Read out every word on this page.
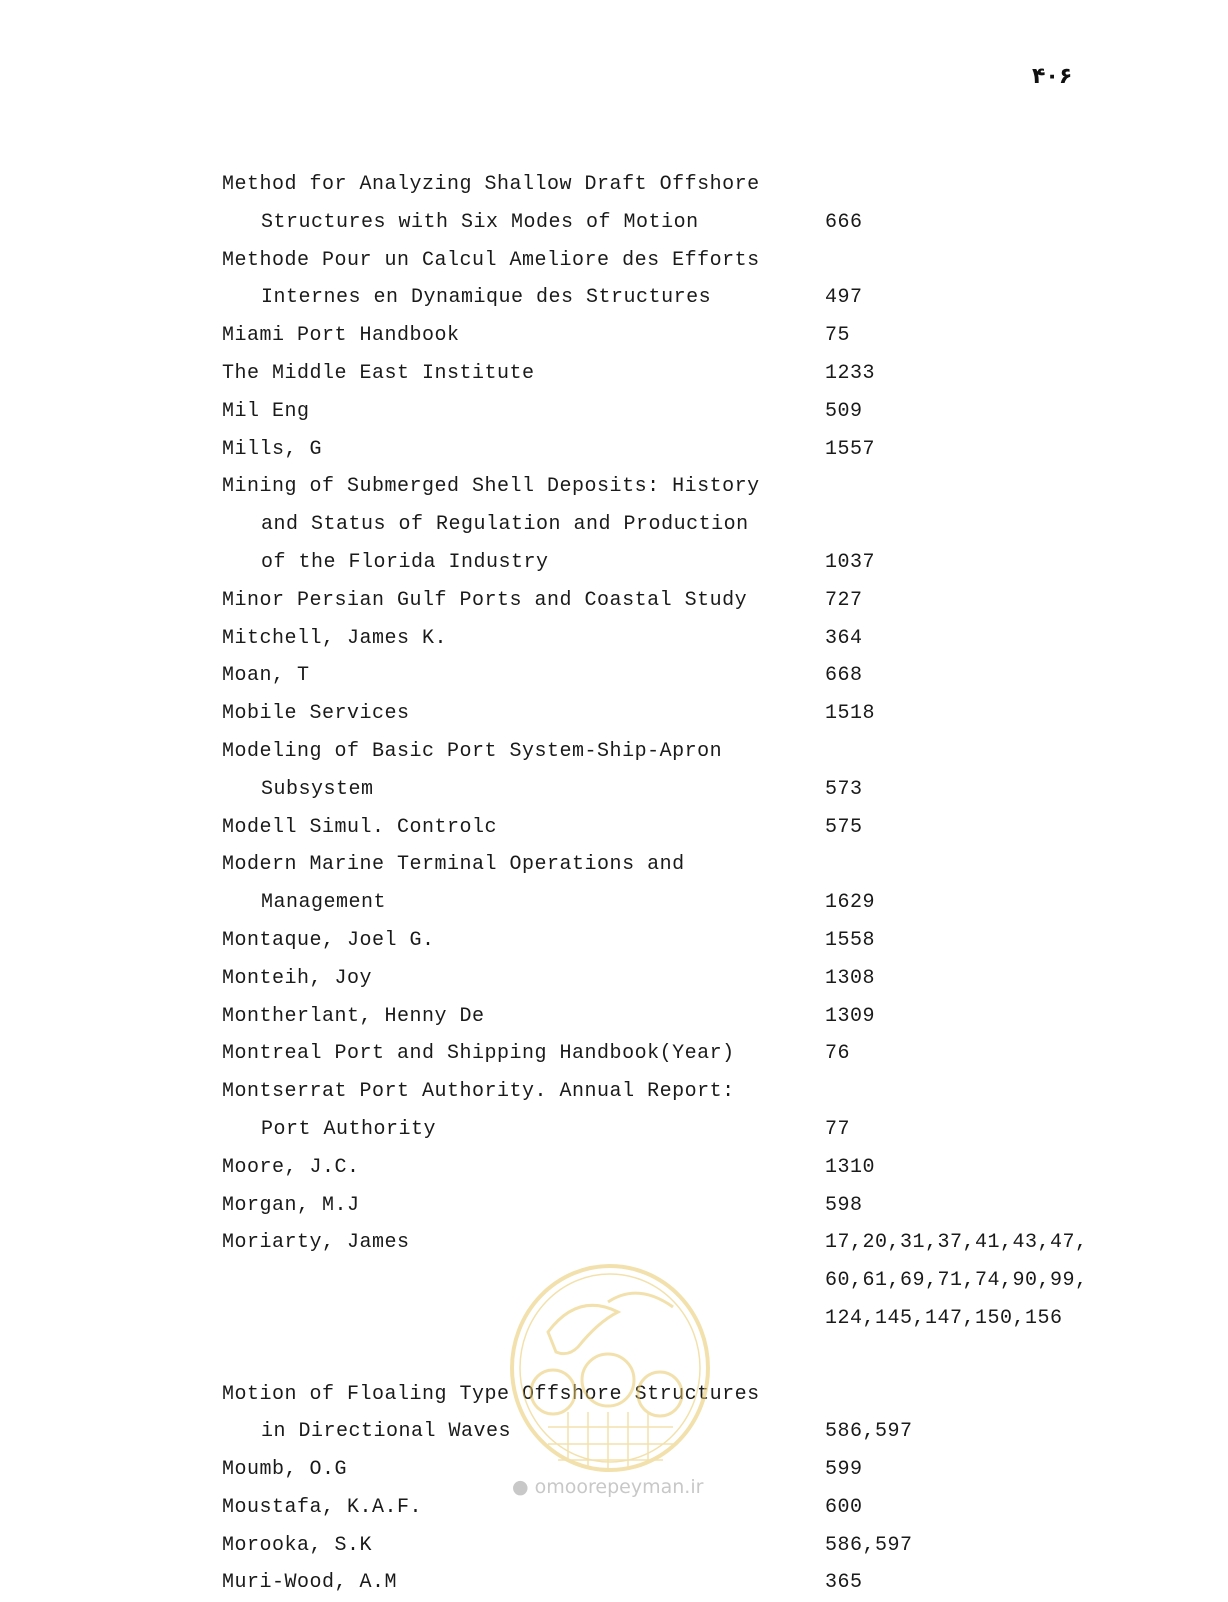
۴۰۶
Method for Analyzing Shallow Draft Offshore
Structures with Six Modes of Motion	666
Methode Pour un Calcul Ameliore des Efforts
Internes en Dynamique des Structures	497
Miami Port Handbook	75
The Middle East Institute	1233
Mil Eng	509
Mills, G	1557
Mining of Submerged Shell Deposits: History
and Status of Regulation and Production
of the Florida Industry	1037
Minor Persian Gulf Ports and Coastal Study	727
Mitchell, James K.	364
Moan, T	668
Mobile Services	1518
Modeling of Basic Port System-Ship-Apron
Subsystem	573
Modell Simul. Controlc	575
Modern Marine Terminal Operations and
Management	1629
Montaque, Joel G.	1558
Monteih, Joy	1308
Montherlant, Henny De	1309
Montreal Port and Shipping Handbook(Year)	76
Montserrat Port Authority. Annual Report:
Port Authority	77
Moore, J.C.	1310
Morgan, M.J	598
Moriarty, James	17,20,31,37,41,43,47,
60,61,69,71,74,90,99,
124,145,147,150,156
Motion of Floaling Type Offshore Structures
in Directional Waves	586,597
Moumb, O.G	599
Moustafa, K.A.F.	600
Morooka, S.K	586,597
Muri-Wood, A.M	365
● omoorepeyman.ir
